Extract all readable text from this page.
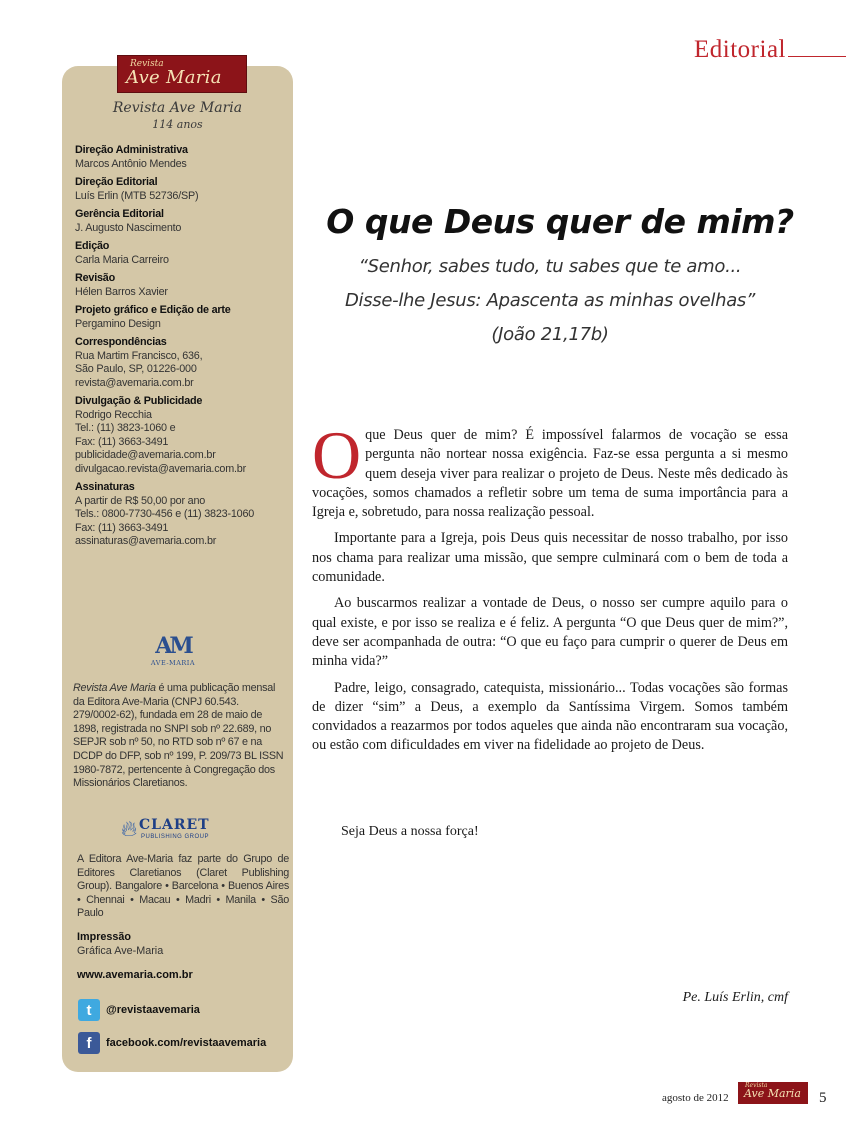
Editorial
Revista
Ave Maria
Revista Ave Maria
114 anos
Direção Administrativa
Marcos Antônio Mendes
Direção Editorial
Luís Erlin (MTB 52736/SP)
Gerência Editorial
J. Augusto Nascimento
Edição
Carla Maria Carreiro
Revisão
Hélen Barros Xavier
Projeto gráfico e Edição de arte
Pergamino Design
Correspondências
Rua Martim Francisco, 636,
São Paulo, SP, 01226-000
revista@avemaria.com.br
Divulgação & Publicidade
Rodrigo Recchia
Tel.: (11) 3823-1060 e
Fax: (11) 3663-3491
publicidade@avemaria.com.br
divulgacao.revista@avemaria.com.br
Assinaturas
A partir de R$ 50,00 por ano
Tels.: 0800-7730-456 e (11) 3823-1060
Fax: (11) 3663-3491
assinaturas@avemaria.com.br
AM
AVE-MARIA
Revista Ave Maria é uma publicação mensal da Editora Ave-Maria (CNPJ 60.543. 279/0002-62), fundada em 28 de maio de 1898, registrada no SNPI sob nº 22.689, no SEPJR sob nº 50, no RTD sob nº 67 e na DCDP do DFP, sob nº 199, P. 209/73 BL ISSN 1980-7872, pertencente à Congregação dos Missionários Claretianos.
🔥︎ CLARET
PUBLISHING GROUP
A Editora Ave-Maria faz parte do Grupo de Editores Claretianos (Claret Publishing Group). Bangalore • Barcelona • Buenos Aires • Chennai • Macau • Madri • Manila • São Paulo
Impressão
Gráfica Ave-Maria
www.avemaria.com.br
t	@revistaavemaria
f	facebook.com/revistaavemaria
O que Deus quer de mim?
“Senhor, sabes tudo, tu sabes que te amo...
Disse-lhe Jesus: Apascenta as minhas ovelhas”
(João 21,17b)

Oque Deus quer de mim? É impossível falarmos de vocação se essa pergunta não nortear nossa exigência. Faz-se essa pergunta a si mesmo quem deseja viver para realizar o projeto de Deus. Neste mês dedicado às vocações, somos chamados a refletir sobre um tema de suma importância para a Igreja e, sobretudo, para nossa realização pessoal.

Importante para a Igreja, pois Deus quis necessitar de nosso trabalho, por isso nos chama para realizar uma missão, que sempre culminará com o bem de toda a comunidade.

Ao buscarmos realizar a vontade de Deus, o nosso ser cumpre aquilo para o qual existe, e por isso se realiza e é feliz. A pergunta “O que Deus quer de mim?”, deve ser acompanhada de outra: “O que eu faço para cumprir o querer de Deus em minha vida?”

Padre, leigo, consagrado, catequista, missionário... Todas vocações são formas de dizer “sim” a Deus, a exemplo da Santíssima Virgem. Somos também convidados a reazarmos por todos aqueles que ainda não encontraram sua vocação, ou estão com dificuldades em viver na fidelidade ao projeto de Deus.

Seja Deus a nossa força!
Pe. Luís Erlin, cmf
agosto de 2012
Revista
Ave Maria 5
